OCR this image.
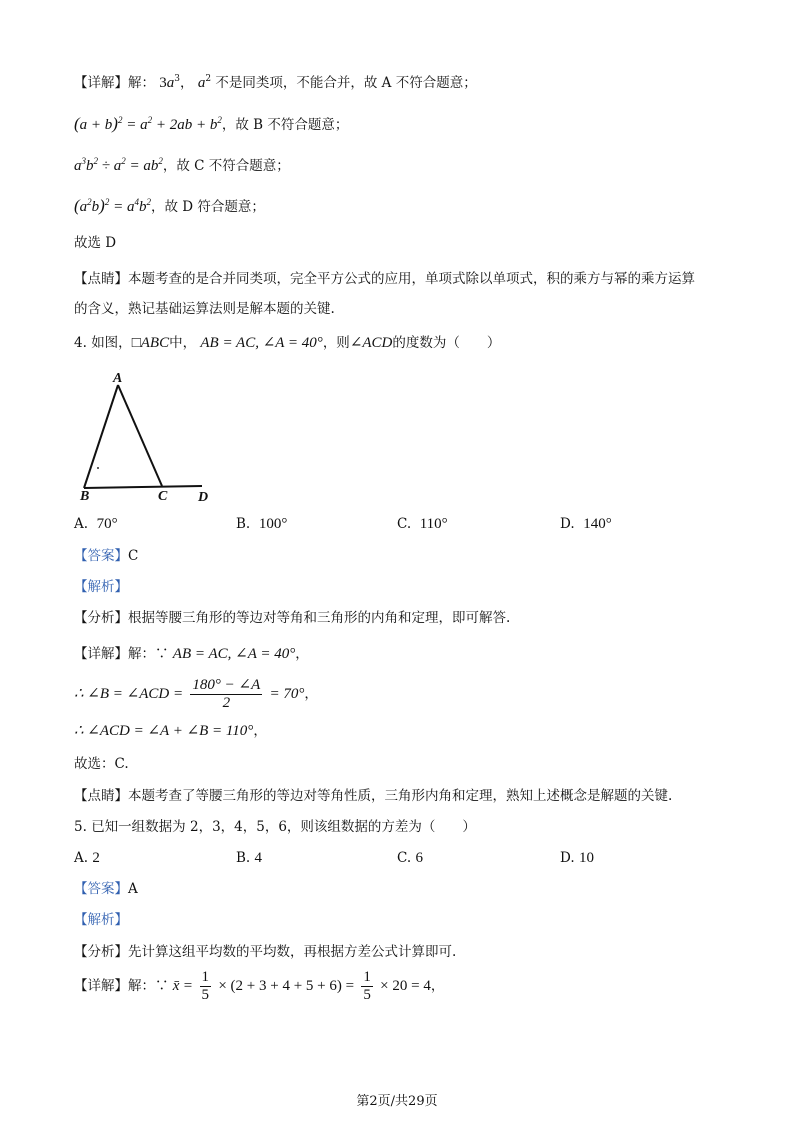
【详解】解： $3a^3$， $a^2$ 不是同类项，不能合并，故 A 不符合题意；
$(a + b)^2 = a^2 + 2ab + b^2$，故 B 不符合题意；
$a^3b^2 \div a^2 = ab^2$，故 C 不符合题意；
$(a^2b)^2 = a^4b^2$，故 D 符合题意；
故选 D
【点睛】本题考查的是合并同类项，完全平方公式的应用，单项式除以单项式，积的乘方与幂的乘方运算
的含义，熟记基础运算法则是解本题的关键.
4. 如图，□ABC中， AB = AC, ∠A = 40°，则∠ACD的度数为（　　）
A
B	C D
A. 70°	B. 100°	C. 110°	D. 140°
【答案】C
【解析】
【分析】根据等腰三角形的等边对等角和三角形的内角和定理，即可解答.
【详解】解：∵ AB = AC, ∠A = 40°，
∴ ∠B = ∠ACD = $\frac{180^\circ - \angle A}{2} = 70^\circ$，
∴ ∠ACD = ∠A + ∠B = 110°，
故选：C.
【点睛】本题考查了等腰三角形的等边对等角性质，三角形内角和定理，熟知上述概念是解题的关键.
5. 已知一组数据为 2，3，4，5，6，则该组数据的方差为（　　）
A. 2	B. 4	C. 6	D. 10
【答案】A
【解析】
【分析】先计算这组平均数的平均数，再根据方差公式计算即可.
【详解】解：∵ x̄ = $\frac{1}{5} \times (2 + 3 + 4 + 5 + 6) = \frac{1}{5} \times 20 = 4$，
第2页/共29页
